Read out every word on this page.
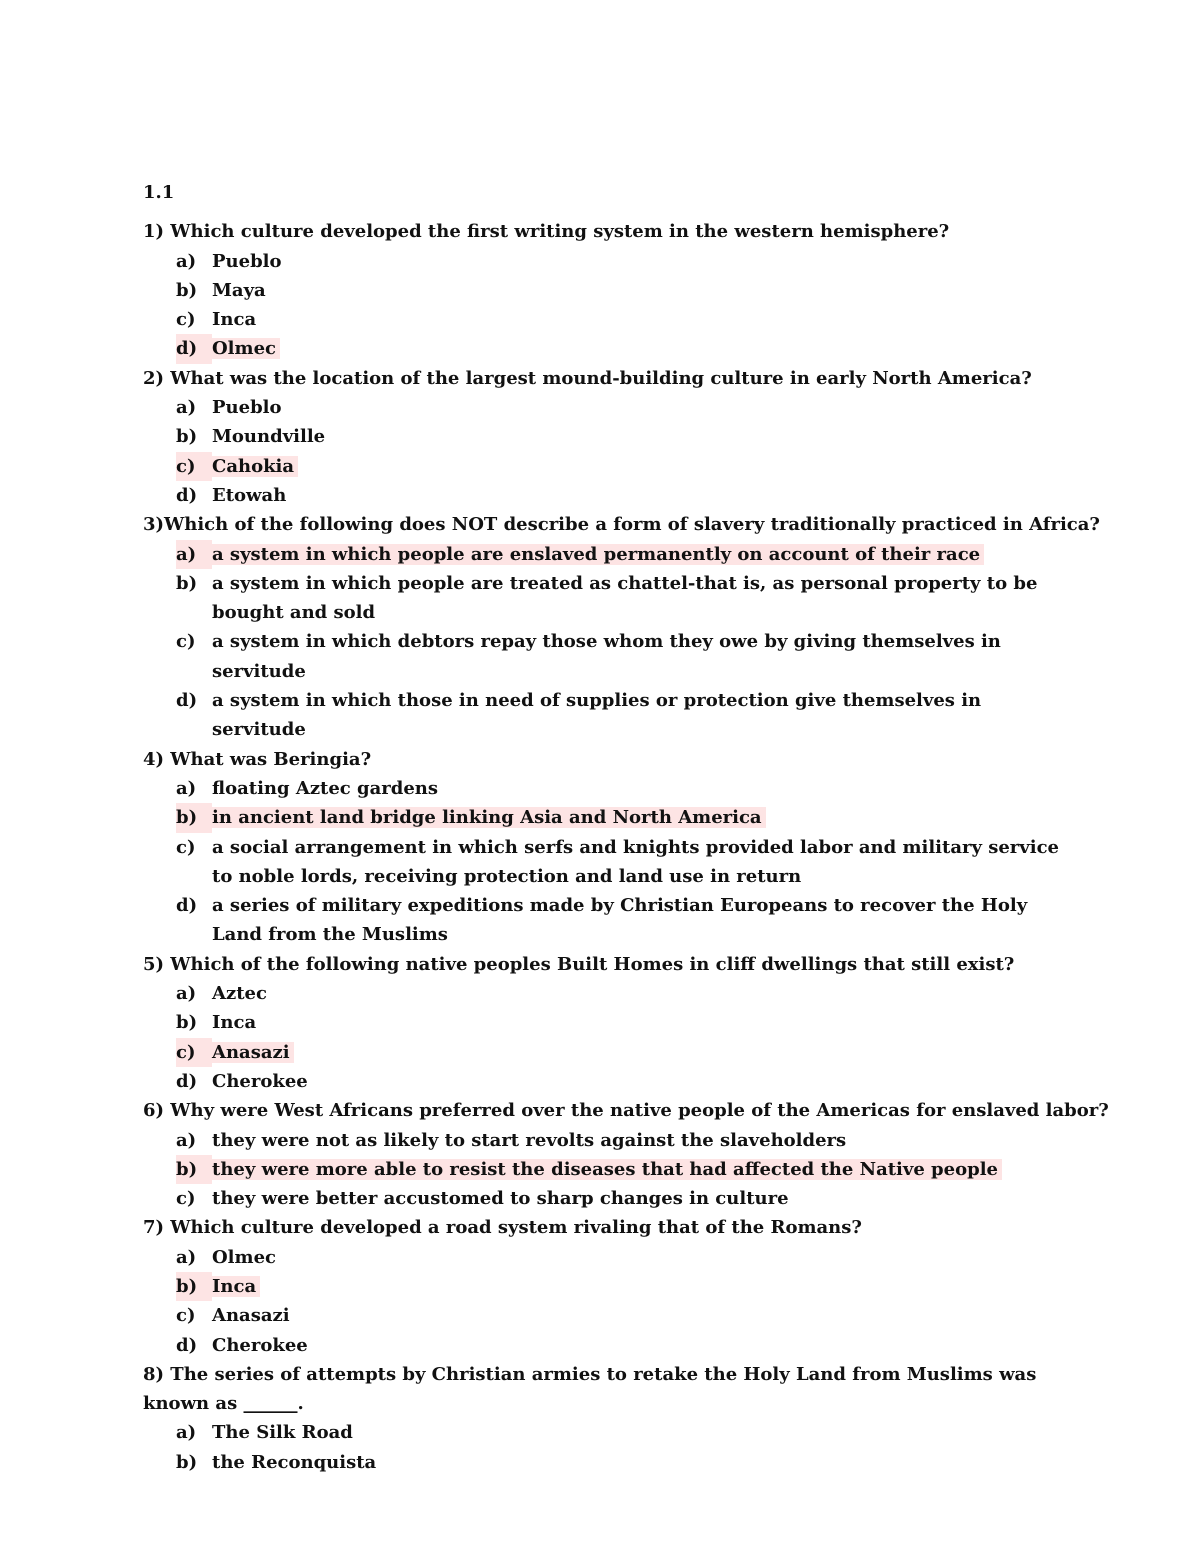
1.1

1) Which culture developed the first writing system in the western hemisphere?

a) Pueblo
b) Maya
c) Inca
d) Olmec

2) What was the location of the largest mound-building culture in early North America?

a) Pueblo
b) Moundville
c) Cahokia
d) Etowah

3)Which of the following does NOT describe a form of slavery traditionally practiced in Africa?

a) a system in which people are enslaved permanently on account of their race
b) a system in which people are treated as chattel-that is, as personal property to be bought and sold
c) a system in which debtors repay those whom they owe by giving themselves in servitude
d) a system in which those in need of supplies or protection give themselves in servitude

4) What was Beringia?

a) floating Aztec gardens
b) in ancient land bridge linking Asia and North America
c) a social arrangement in which serfs and knights provided labor and military service to noble lords, receiving protection and land use in return
d) a series of military expeditions made by Christian Europeans to recover the Holy Land from the Muslims

5) Which of the following native peoples Built Homes in cliff dwellings that still exist?

a) Aztec
b) Inca
c) Anasazi
d) Cherokee

6) Why were West Africans preferred over the native people of the Americas for enslaved labor?

a) they were not as likely to start revolts against the slaveholders
b) they were more able to resist the diseases that had affected the Native people
c) they were better accustomed to sharp changes in culture

7) Which culture developed a road system rivaling that of the Romans?

a) Olmec
b) Inca
c) Anasazi
d) Cherokee

8) The series of attempts by Christian armies to retake the Holy Land from Muslims was known as ______.

a) The Silk Road
b) the Reconquista
